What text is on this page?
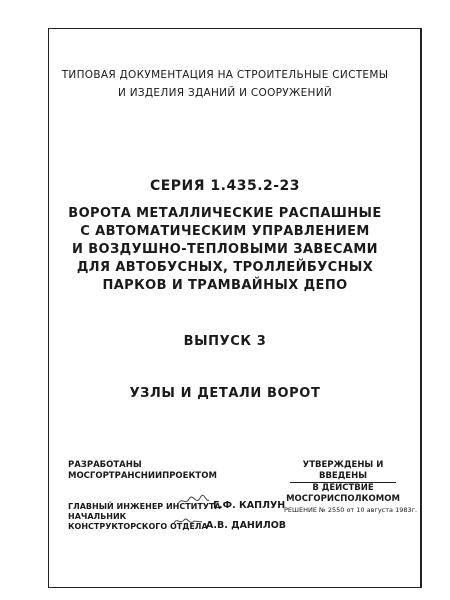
ТИПОВАЯ ДОКУМЕНТАЦИЯ НА СТРОИТЕЛЬНЫЕ СИСТЕМЫ
И ИЗДЕЛИЯ ЗДАНИЙ И СООРУЖЕНИЙ
СЕРИЯ 1.435.2-23
ВОРОТА МЕТАЛЛИЧЕСКИЕ РАСПАШНЫЕ
С АВТОМАТИЧЕСКИМ УПРАВЛЕНИЕМ
И ВОЗДУШНО-ТЕПЛОВЫМИ ЗАВЕСАМИ
ДЛЯ АВТОБУСНЫХ, ТРОЛЛЕЙБУСНЫХ
ПАРКОВ И ТРАМВАЙНЫХ ДЕПО
ВЫПУСК 3
УЗЛЫ И ДЕТАЛИ ВОРОТ
РАЗРАБОТАНЫ
МОСГОРТРАНСНИИПРОЕКТОМ
УТВЕРЖДЕНЫ И ВВЕДЕНЫ
В ДЕЙСТВИЕ МОСГОРИСПОЛКОМОМ
РЕШЕНИЕ № 2550 от 10 августа 1983г.
ГЛАВНЫЙ ИНЖЕНЕР ИНСТИТУТА
Г.Ф. КАПЛУН
НАЧАЛЬНИК
КОНСТРУКТОРСКОГО ОТДЕЛА
А.В. ДАНИЛОВ
